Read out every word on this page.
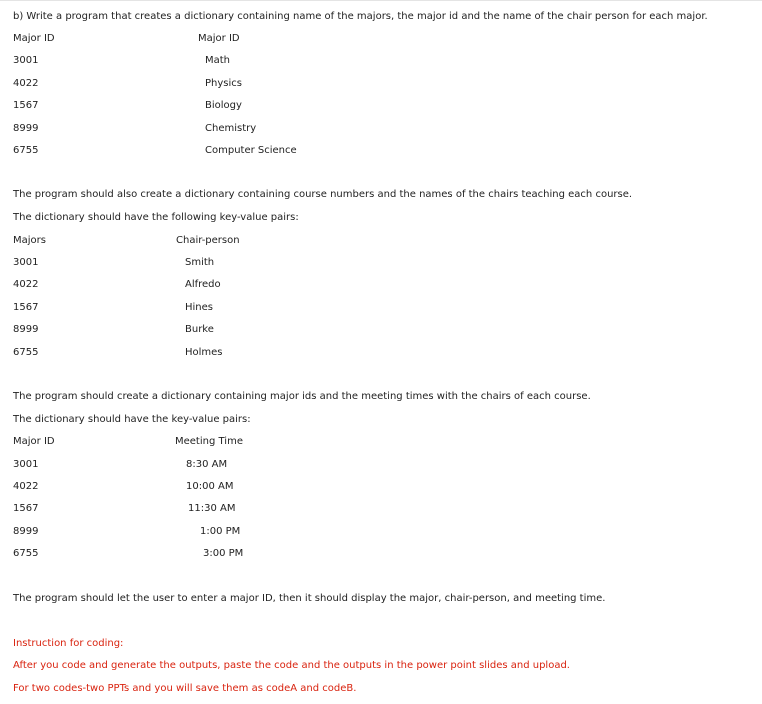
b) Write a program that creates a dictionary containing name of the majors, the major id and the name of the chair person for each major.
Major ID	Major ID
3001	Math
4022	Physics
1567	Biology
8999	Chemistry
6755	Computer Science
The program should also create a dictionary containing course numbers and the names of the chairs teaching each course.
The dictionary should have the following key-value pairs:
Majors	Chair-person
3001	Smith
4022	Alfredo
1567	Hines
8999	Burke
6755	Holmes
The program should create a dictionary containing major ids and the meeting times with the chairs of each course.
The dictionary should have the key-value pairs:
Major ID	Meeting Time
3001	8:30 AM
4022	10:00 AM
1567	11:30 AM
8999	1:00 PM
6755	3:00 PM
The program should let the user to enter a major ID, then it should display the major, chair-person, and meeting time.
Instruction for coding:
After you code and generate the outputs, paste the code and the outputs in the power point slides and upload.
For two codes-two PPTs and you will save them as codeA and codeB.
